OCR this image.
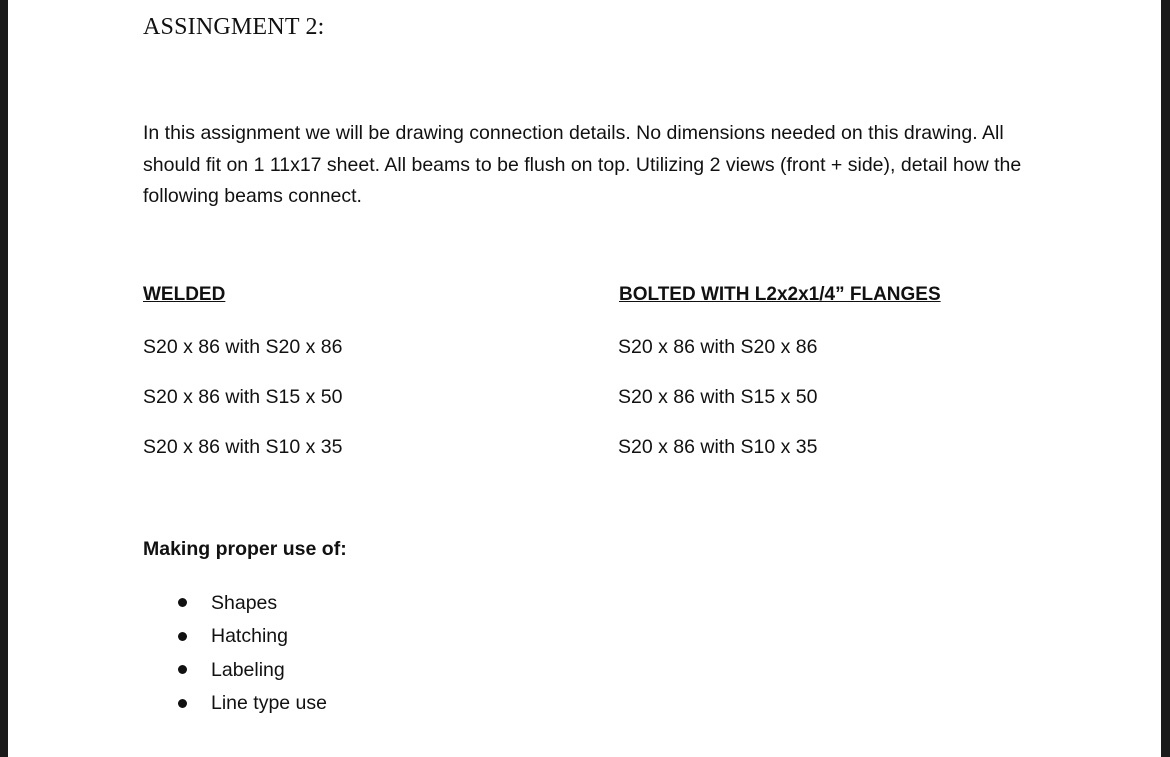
ASSINGMENT 2:

In this assignment we will be drawing connection details. No dimensions needed on this drawing. All should fit on 1 11x17 sheet. All beams to be flush on top. Utilizing 2 views (front + side), detail how the following beams connect.

WELDED	BOLTED WITH L2x2x1/4” FLANGES
S20 x 86 with S20 x 86
S20 x 86 with S15 x 50
S20 x 86 with S10 x 35
S20 x 86 with S20 x 86
S20 x 86 with S15 x 50
S20 x 86 with S10 x 35
Making proper use of:
Shapes
Hatching
Labeling
Line type use
